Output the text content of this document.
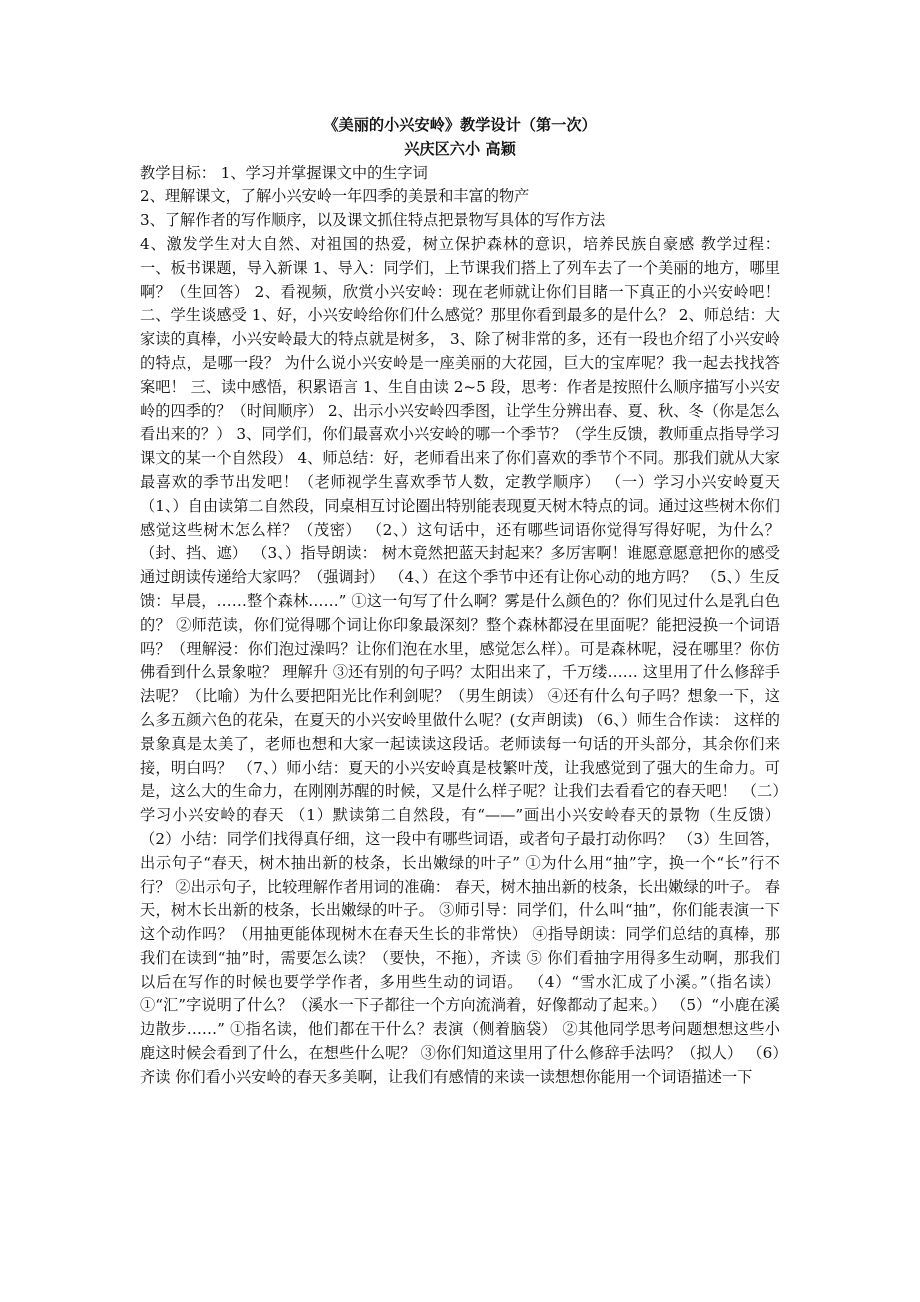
《美丽的小兴安岭》教学设计（第一次）

兴庆区六小 高颖

教学目标： 1、学习并掌握课文中的生字词

2、理解课文，了解小兴安岭一年四季的美景和丰富的物产

3、了解作者的写作顺序，以及课文抓住特点把景物写具体的写作方法

4、激发学生对大自然、对祖国的热爱，树立保护森林的意识，培养民族自豪感 教学过程： 一、板书课题，导入新课 1、导入：同学们，上节课我们搭上了列车去了一个美丽的地方，哪里啊？（生回答） 2、看视频，欣赏小兴安岭：现在老师就让你们目睹一下真正的小兴安岭吧！ 二、学生谈感受 1、好，小兴安岭给你们什么感觉？那里你看到最多的是什么？ 2、师总结：大家读的真棒，小兴安岭最大的特点就是树多， 3、除了树非常的多，还有一段也介绍了小兴安岭的特点，是哪一段？ 为什么说小兴安岭是一座美丽的大花园，巨大的宝库呢？我一起去找找答案吧！ 三、读中感悟，积累语言 1、生自由读 2~5 段，思考：作者是按照什么顺序描写小兴安岭的四季的？（时间顺序） 2、出示小兴安岭四季图，让学生分辨出春、夏、秋、冬（你是怎么看出来的？） 3、同学们，你们最喜欢小兴安岭的哪一个季节？（学生反馈，教师重点指导学习课文的某一个自然段） 4、师总结：好，老师看出来了你们喜欢的季节个不同。那我们就从大家最喜欢的季节出发吧！（老师视学生喜欢季节人数，定教学顺序） （一）学习小兴安岭夏天 （1、）自由读第二自然段，同桌相互讨论圈出特别能表现夏天树木特点的词。通过这些树木你们感觉这些树木怎么样？（茂密） （2、）这句话中，还有哪些词语你觉得写得好呢，为什么？（封、挡、遮） （3、）指导朗读： 树木竟然把蓝天封起来？多厉害啊！谁愿意愿意把你的感受通过朗读传递给大家吗？（强调封） （4、）在这个季节中还有让你心动的地方吗？ （5、）生反馈：早晨，……整个森林……” ①这一句写了什么啊？雾是什么颜色的？你们见过什么是乳白色的？ ②师范读，你们觉得哪个词让你印象最深刻？整个森林都浸在里面呢？能把浸换一个词语吗？（理解浸：你们泡过澡吗？让你们泡在水里，感觉怎么样）。可是森林呢，浸在哪里？你仿佛看到什么景象啦？ 理解升 ③还有别的句子吗？太阳出来了，千万缕…… 这里用了什么修辞手法呢？（比喻）为什么要把阳光比作利剑呢？（男生朗读） ④还有什么句子吗？想象一下，这么多五颜六色的花朵，在夏天的小兴安岭里做什么呢？(女声朗读) （6、）师生合作读： 这样的景象真是太美了，老师也想和大家一起读读这段话。老师读每一句话的开头部分，其余你们来接，明白吗？ （7、）师小结：夏天的小兴安岭真是枝繁叶茂，让我感觉到了强大的生命力。可是，这么大的生命力，在刚刚苏醒的时候，又是什么样子呢？让我们去看看它的春天吧！ （二）学习小兴安岭的春天 （1）默读第二自然段，有“——”画出小兴安岭春天的景物（生反馈） （2）小结：同学们找得真仔细，这一段中有哪些词语，或者句子最打动你吗？ （3）生回答，出示句子“春天，树木抽出新的枝条，长出嫩绿的叶子” ①为什么用“抽”字，换一个“长”行不行？ ②出示句子，比较理解作者用词的准确： 春天，树木抽出新的枝条，长出嫩绿的叶子。 春天，树木长出新的枝条，长出嫩绿的叶子。 ③师引导：同学们，什么叫“抽”，你们能表演一下这个动作吗？（用抽更能体现树木在春天生长的非常快） ④指导朗读：同学们总结的真棒，那我们在读到“抽”时，需要怎么读？（要快，不拖），齐读 ⑤ 你们看抽字用得多生动啊，那我们以后在写作的时候也要学学作者，多用些生动的词语。 （4）“雪水汇成了小溪。”（指名读） ①“汇”字说明了什么？（溪水一下子都往一个方向流淌着，好像都动了起来。） （5）“小鹿在溪边散步……” ①指名读，他们都在干什么？表演（侧着脑袋） ②其他同学思考问题想想这些小鹿这时候会看到了什么，在想些什么呢？ ③你们知道这里用了什么修辞手法吗？（拟人） （6）齐读 你们看小兴安岭的春天多美啊，让我们有感情的来读一读想想你能用一个词语描述一下
